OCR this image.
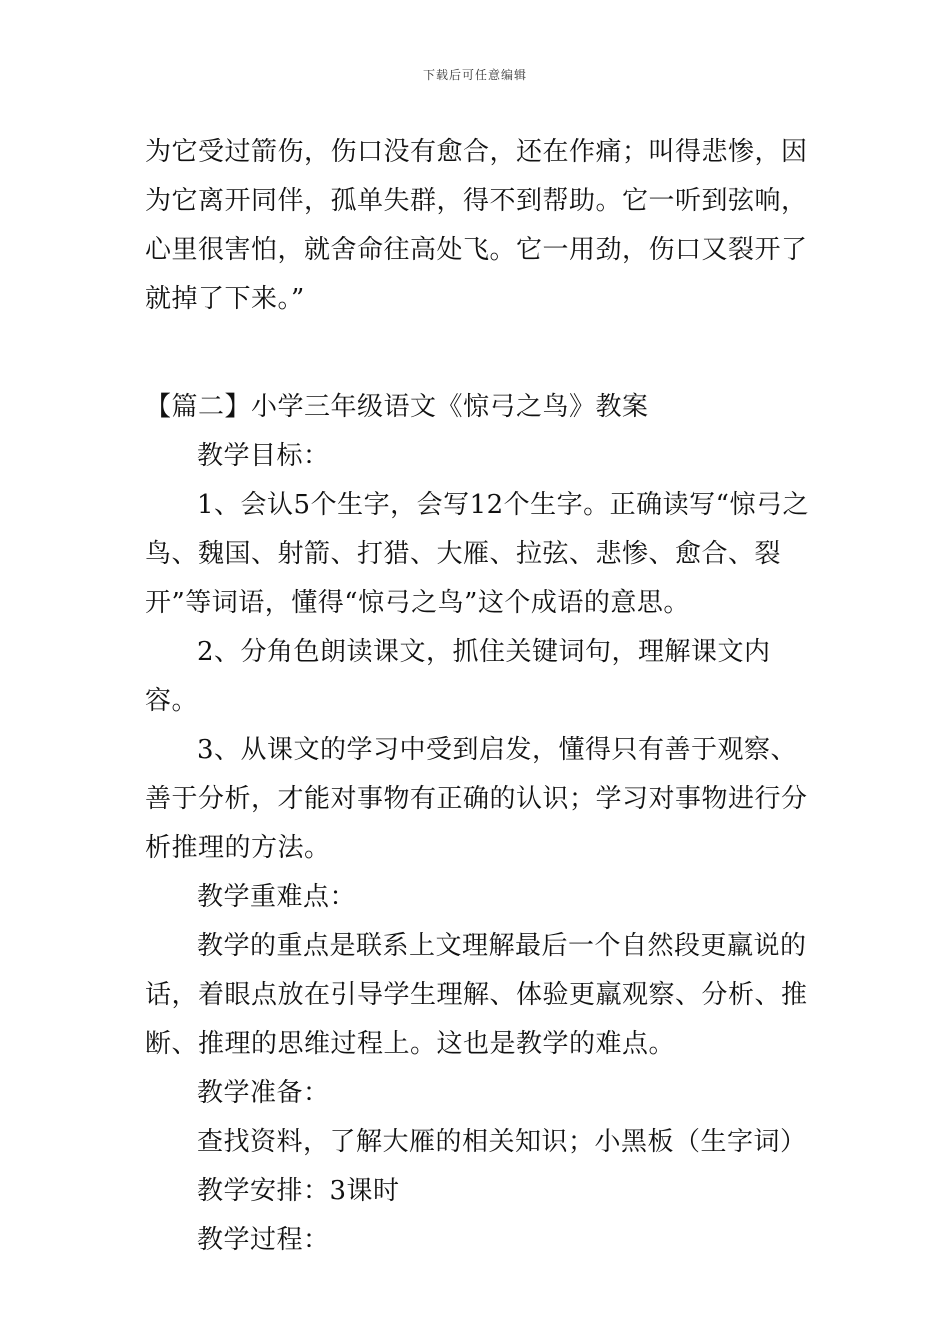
下载后可任意编辑

为它受过箭伤，伤口没有愈合，还在作痛；叫得悲惨，因为它离开同伴，孤单失群，得不到帮助。它一听到弦响，心里很害怕，就舍命往高处飞。它一用劲，伤口又裂开了就掉了下来。”

【篇二】小学三年级语文《惊弓之鸟》教案

教学目标：

1、会认5个生字，会写12个生字。正确读写“惊弓之鸟、魏国、射箭、打猎、大雁、拉弦、悲惨、愈合、裂开”等词语，懂得“惊弓之鸟”这个成语的意思。

2、分角色朗读课文，抓住关键词句，理解课文内容。

3、从课文的学习中受到启发，懂得只有善于观察、善于分析，才能对事物有正确的认识；学习对事物进行分析推理的方法。

教学重难点：

教学的重点是联系上文理解最后一个自然段更羸说的话，着眼点放在引导学生理解、体验更羸观察、分析、推断、推理的思维过程上。这也是教学的难点。

教学准备：

查找资料，了解大雁的相关知识；小黑板（生字词）

教学安排：3课时

教学过程：
